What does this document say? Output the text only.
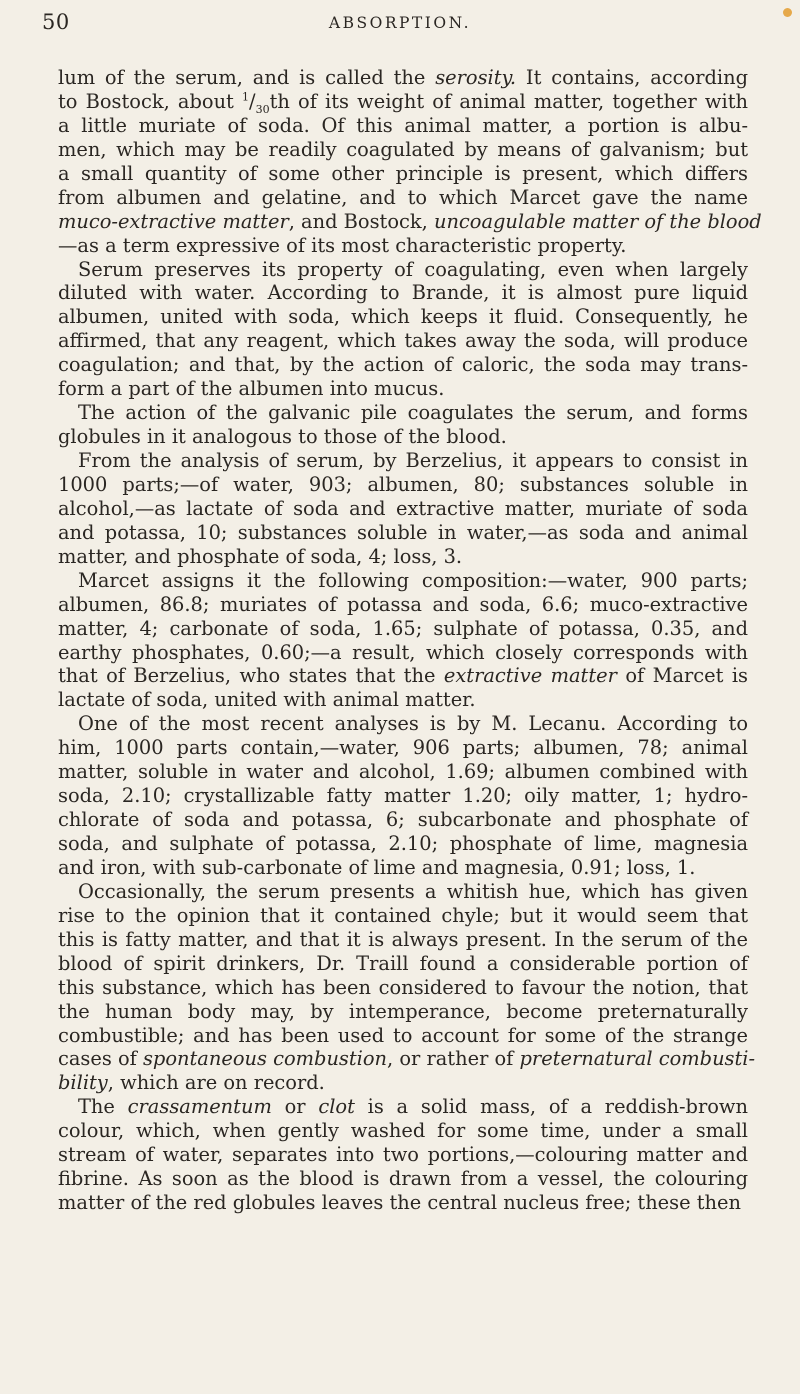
50	ABSORPTION.
lum of the serum, and is called the serosity. It contains, according
to Bostock, about $^1/_{30}th$ of its weight of animal matter, together with
a little muriate of soda. Of this animal matter, a portion is albu-
men, which may be readily coagulated by means of galvanism; but
a small quantity of some other principle is present, which differs
from albumen and gelatine, and to which Marcet gave the name
muco-extractive matter, and Bostock, uncoagulable matter of the blood
—as a term expressive of its most characteristic property.
Serum preserves its property of coagulating, even when largely
diluted with water. According to Brande, it is almost pure liquid
albumen, united with soda, which keeps it fluid. Consequently, he
affirmed, that any reagent, which takes away the soda, will produce
coagulation; and that, by the action of caloric, the soda may trans-
form a part of the albumen into mucus.
The action of the galvanic pile coagulates the serum, and forms
globules in it analogous to those of the blood.
From the analysis of serum, by Berzelius, it appears to consist in
1000 parts;—of water, 903; albumen, 80; substances soluble in
alcohol,—as lactate of soda and extractive matter, muriate of soda
and potassa, 10; substances soluble in water,—as soda and animal
matter, and phosphate of soda, 4; loss, 3.
Marcet assigns it the following composition:—water, 900 parts;
albumen, 86.8; muriates of potassa and soda, 6.6; muco-extractive
matter, 4; carbonate of soda, 1.65; sulphate of potassa, 0.35, and
earthy phosphates, 0.60;—a result, which closely corresponds with
that of Berzelius, who states that the extractive matter of Marcet is
lactate of soda, united with animal matter.
One of the most recent analyses is by M. Lecanu. According to
him, 1000 parts contain,—water, 906 parts; albumen, 78; animal
matter, soluble in water and alcohol, 1.69; albumen combined with
soda, 2.10; crystallizable fatty matter 1.20; oily matter, 1; hydro-
chlorate of soda and potassa, 6; subcarbonate and phosphate of
soda, and sulphate of potassa, 2.10; phosphate of lime, magnesia
and iron, with sub-carbonate of lime and magnesia, 0.91; loss, 1.
Occasionally, the serum presents a whitish hue, which has given
rise to the opinion that it contained chyle; but it would seem that
this is fatty matter, and that it is always present. In the serum of the
blood of spirit drinkers, Dr. Traill found a considerable portion of
this substance, which has been considered to favour the notion, that
the human body may, by intemperance, become preternaturally
combustible; and has been used to account for some of the strange
cases of spontaneous combustion, or rather of preternatural combusti-
bility, which are on record.
The crassamentum or clot is a solid mass, of a reddish-brown
colour, which, when gently washed for some time, under a small
stream of water, separates into two portions,—colouring matter and
fibrine. As soon as the blood is drawn from a vessel, the colouring
matter of the red globules leaves the central nucleus free; these then
